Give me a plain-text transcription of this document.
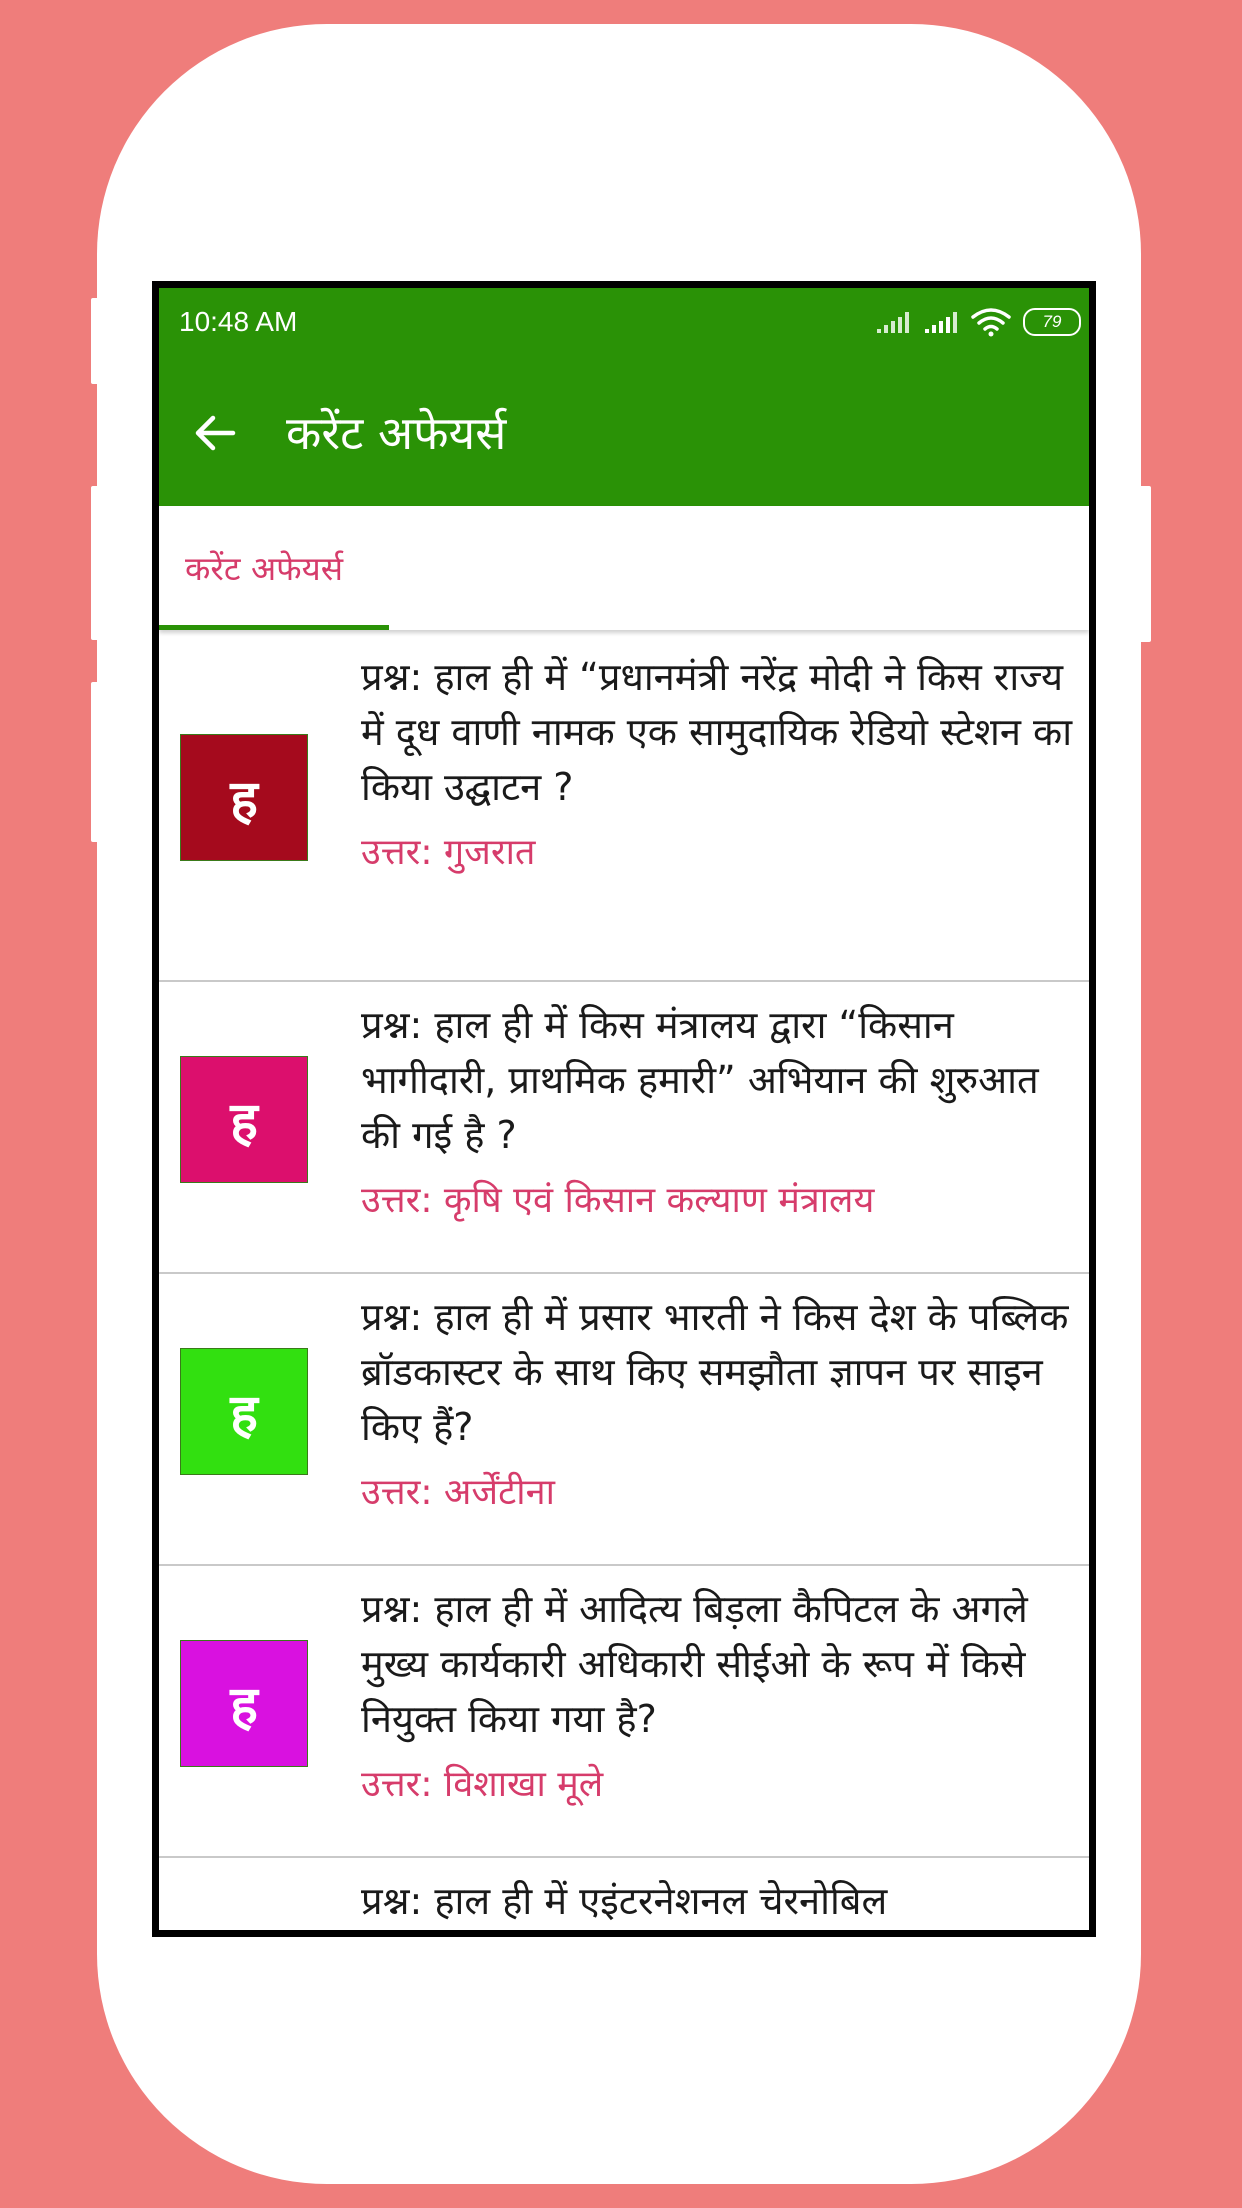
10:48 AM	79
करेंट अफेयर्स
करेंट अफेयर्स
ह

प्रश्न: हाल ही में “प्रधानमंत्री नरेंद्र मोदी ने किस राज्य में दूध वाणी नामक एक सामुदायिक रेडियो स्टेशन का किया उद्घाटन ?

उत्तर: गुजरात

ह

प्रश्न: हाल ही में किस मंत्रालय द्वारा “किसान भागीदारी, प्राथमिक हमारी” अभियान की शुरुआत की गई है ?

उत्तर: कृषि एवं किसान कल्याण मंत्रालय

ह

प्रश्न: हाल ही में प्रसार भारती ने किस देश के पब्लिक ब्रॉडकास्टर के साथ किए समझौता ज्ञापन पर साइन किए हैं?

उत्तर: अर्जेंटीना

ह

प्रश्न: हाल ही में आदित्य बिड़ला कैपिटल के अगले मुख्य कार्यकारी अधिकारी सीईओ के रूप में किसे नियुक्त किया गया है?

उत्तर: विशाखा मूले

प्रश्न: हाल ही में एइंटरनेशनल चेरनोबिल
